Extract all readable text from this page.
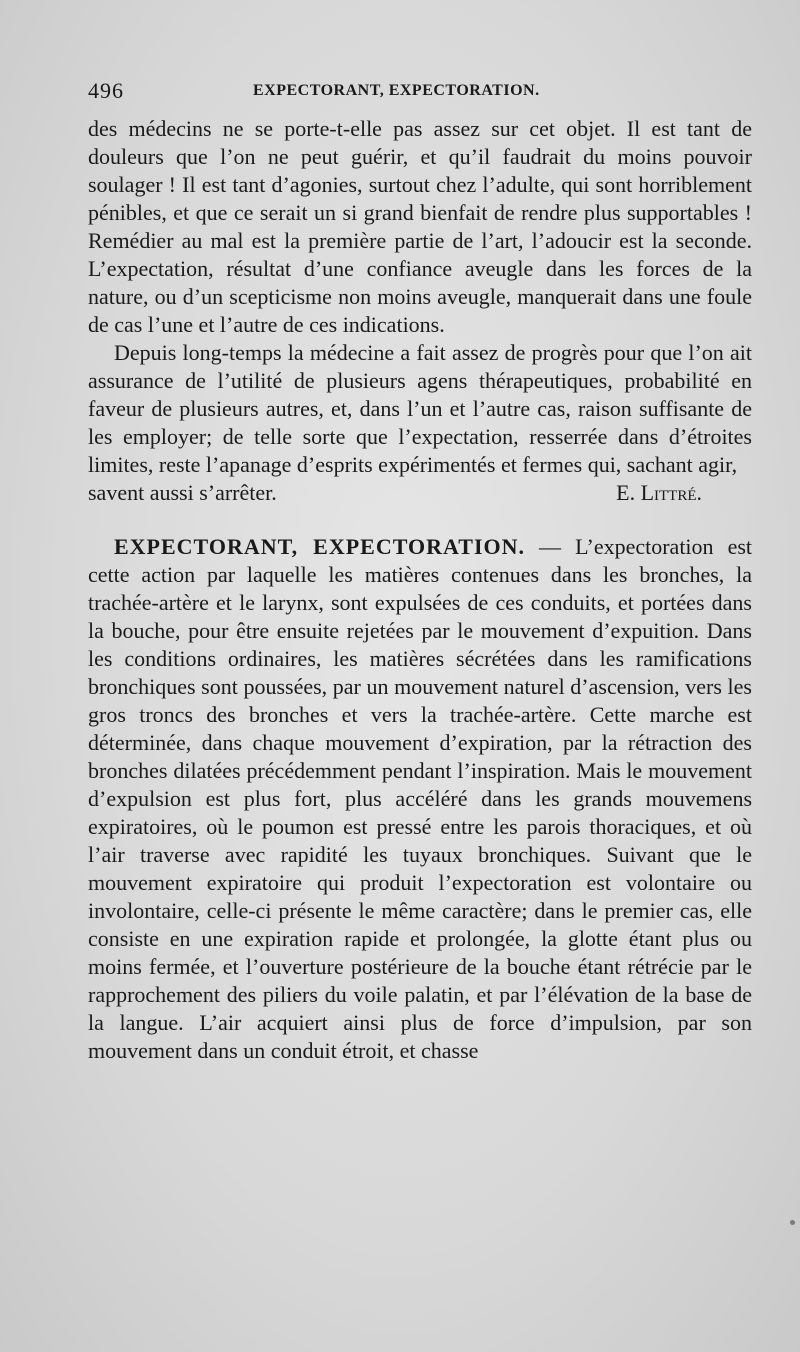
496	EXPECTORANT, EXPECTORATION.

des médecins ne se porte-t-elle pas assez sur cet objet. Il est tant de douleurs que l’on ne peut guérir, et qu’il faudrait du moins pouvoir soulager ! Il est tant d’agonies, surtout chez l’adulte, qui sont horriblement pénibles, et que ce serait un si grand bienfait de rendre plus supportables ! Remédier au mal est la première partie de l’art, l’adoucir est la seconde. L’expectation, résultat d’une confiance aveugle dans les forces de la nature, ou d’un scepticisme non moins aveugle, manquerait dans une foule de cas l’une et l’autre de ces indications.

Depuis long-temps la médecine a fait assez de progrès pour que l’on ait assurance de l’utilité de plusieurs agens thérapeutiques, probabilité en faveur de plusieurs autres, et, dans l’un et l’autre cas, raison suffisante de les employer; de telle sorte que l’expectation, resserrée dans d’étroites limites, reste l’apanage d’esprits expérimentés et fermes qui, sachant agir,

savent aussi s’arrêter.	E. Littré.

EXPECTORANT, EXPECTORATION. — L’expectoration est cette action par laquelle les matières contenues dans les bronches, la trachée-artère et le larynx, sont expulsées de ces conduits, et portées dans la bouche, pour être ensuite rejetées par le mouvement d’expuition. Dans les conditions ordinaires, les matières sécrétées dans les ramifications bronchiques sont poussées, par un mouvement naturel d’ascension, vers les gros troncs des bronches et vers la trachée-artère. Cette marche est déterminée, dans chaque mouvement d’expiration, par la rétraction des bronches dilatées précédemment pendant l’inspiration. Mais le mouvement d’expulsion est plus fort, plus accéléré dans les grands mouvemens expiratoires, où le poumon est pressé entre les parois thoraciques, et où l’air traverse avec rapidité les tuyaux bronchiques. Suivant que le mouvement expiratoire qui produit l’expectoration est volontaire ou involontaire, celle-ci présente le même caractère; dans le premier cas, elle consiste en une expiration rapide et prolongée, la glotte étant plus ou moins fermée, et l’ouverture postérieure de la bouche étant rétrécie par le rapprochement des piliers du voile palatin, et par l’élévation de la base de la langue. L’air acquiert ainsi plus de force d’impulsion, par son mouvement dans un conduit étroit, et chasse
